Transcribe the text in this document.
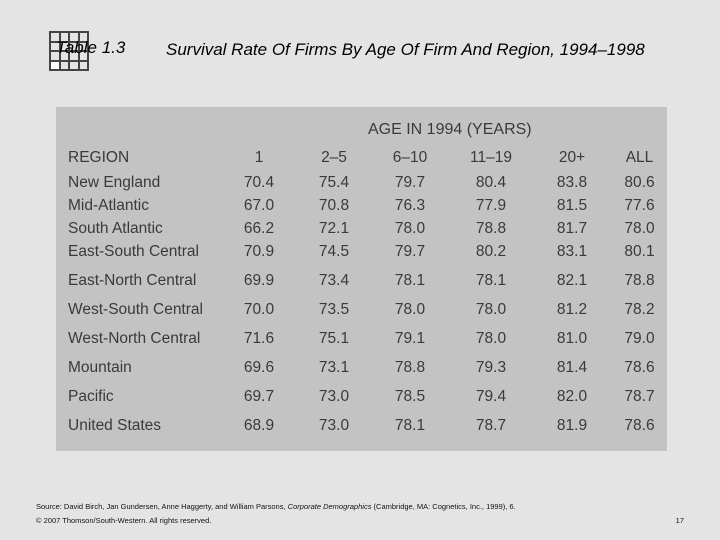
Table 1.3 Survival Rate Of Firms By Age Of Firm And Region, 1994–1998
AGE IN 1994 (YEARS)
REGION	1	2–5	6–10	11–19	20+	ALL
New England	70.4	75.4	79.7	80.4	83.8	80.6
Mid-Atlantic	67.0	70.8	76.3	77.9	81.5	77.6
South Atlantic	66.2	72.1	78.0	78.8	81.7	78.0
East-South Central	70.9	74.5	79.7	80.2	83.1	80.1
East-North Central	69.9	73.4	78.1	78.1	82.1	78.8
West-South Central	70.0	73.5	78.0	78.0	81.2	78.2
West-North Central	71.6	75.1	79.1	78.0	81.0	79.0
Mountain	69.6	73.1	78.8	79.3	81.4	78.6
Pacific	69.7	73.0	78.5	79.4	82.0	78.7
United States	68.9	73.0	78.1	78.7	81.9	78.6
Source: David Birch, Jan Gundersen, Anne Haggerty, and William Parsons, Corporate Demographics (Cambridge, MA: Cognetics, Inc., 1999), 6.
© 2007 Thomson/South-Western. All rights reserved.	17
